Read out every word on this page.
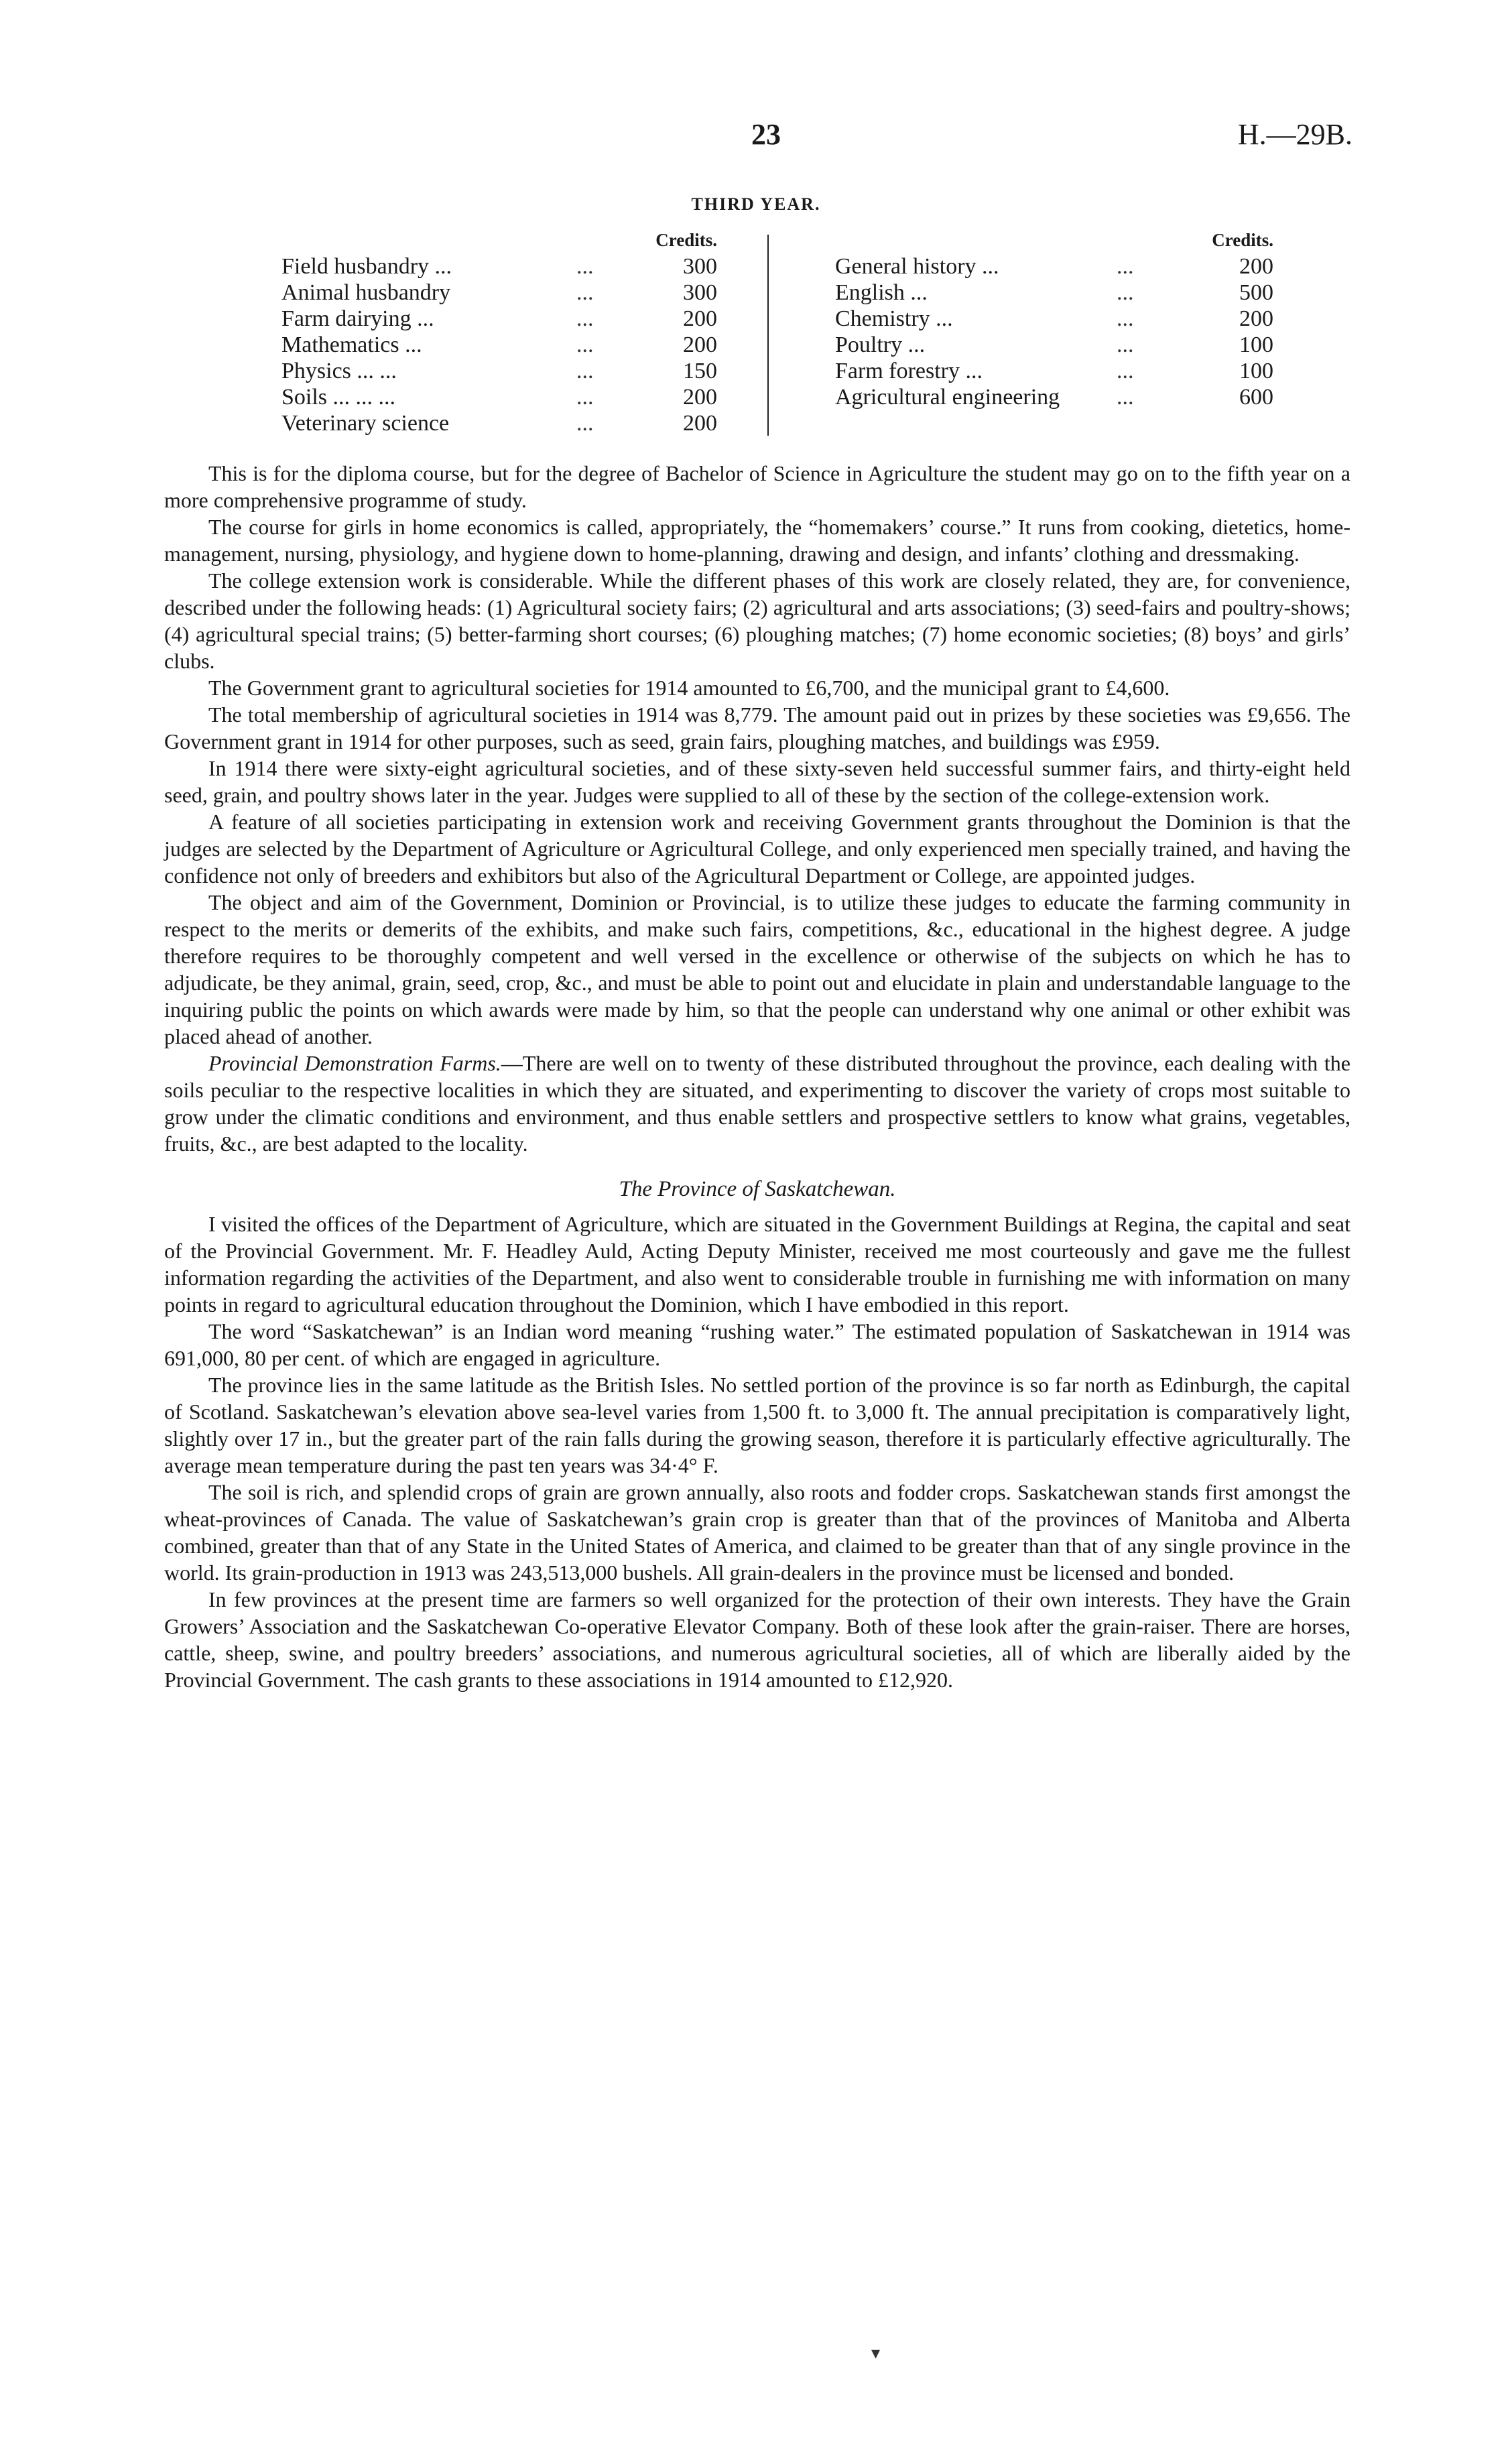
23	H.—29B.
THIRD YEAR.
Credits.
Field husbandry ...	...	300
Animal husbandry	...	300
Farm dairying ...	...	200
Mathematics ...	...	200
Physics ... ...	...	150
Soils ... ... ...	...	200
Veterinary science	...	200
Credits.
General history ...	...	200
English ...	...	500
Chemistry ...	...	200
Poultry ...	...	100
Farm forestry ...	...	100
Agricultural engineering ...	600

This is for the diploma course, but for the degree of Bachelor of Science in Agriculture the student may go on to the fifth year on a more comprehensive programme of study.

The course for girls in home economics is called, appropriately, the “homemakers’ course.” It runs from cooking, dietetics, home-management, nursing, physiology, and hygiene down to home-planning, drawing and design, and infants’ clothing and dressmaking.

The college extension work is considerable. While the different phases of this work are closely related, they are, for convenience, described under the following heads: (1) Agricultural society fairs; (2) agricultural and arts associations; (3) seed-fairs and poultry-shows; (4) agricultural special trains; (5) better-farming short courses; (6) ploughing matches; (7) home economic societies; (8) boys’ and girls’ clubs.

The Government grant to agricultural societies for 1914 amounted to £6,700, and the municipal grant to £4,600.

The total membership of agricultural societies in 1914 was 8,779. The amount paid out in prizes by these societies was £9,656. The Government grant in 1914 for other purposes, such as seed, grain fairs, ploughing matches, and buildings was £959.

In 1914 there were sixty-eight agricultural societies, and of these sixty-seven held successful summer fairs, and thirty-eight held seed, grain, and poultry shows later in the year. Judges were supplied to all of these by the section of the college-extension work.

A feature of all societies participating in extension work and receiving Government grants throughout the Dominion is that the judges are selected by the Department of Agriculture or Agricultural College, and only experienced men specially trained, and having the confidence not only of breeders and exhibitors but also of the Agricultural Department or College, are appointed judges.

The object and aim of the Government, Dominion or Provincial, is to utilize these judges to educate the farming community in respect to the merits or demerits of the exhibits, and make such fairs, competitions, &c., educational in the highest degree. A judge therefore requires to be thoroughly competent and well versed in the excellence or otherwise of the subjects on which he has to adjudicate, be they animal, grain, seed, crop, &c., and must be able to point out and elucidate in plain and understandable language to the inquiring public the points on which awards were made by him, so that the people can understand why one animal or other exhibit was placed ahead of another.

Provincial Demonstration Farms.—There are well on to twenty of these distributed throughout the province, each dealing with the soils peculiar to the respective localities in which they are situated, and experimenting to discover the variety of crops most suitable to grow under the climatic conditions and environment, and thus enable settlers and prospective settlers to know what grains, vegetables, fruits, &c., are best adapted to the locality.

The Province of Saskatchewan.

I visited the offices of the Department of Agriculture, which are situated in the Government Buildings at Regina, the capital and seat of the Provincial Government. Mr. F. Headley Auld, Acting Deputy Minister, received me most courteously and gave me the fullest information regarding the activities of the Department, and also went to considerable trouble in furnishing me with information on many points in regard to agricultural education throughout the Dominion, which I have embodied in this report.

The word “Saskatchewan” is an Indian word meaning “rushing water.” The estimated population of Saskatchewan in 1914 was 691,000, 80 per cent. of which are engaged in agriculture.

The province lies in the same latitude as the British Isles. No settled portion of the province is so far north as Edinburgh, the capital of Scotland. Saskatchewan’s elevation above sea-level varies from 1,500 ft. to 3,000 ft. The annual precipitation is comparatively light, slightly over 17 in., but the greater part of the rain falls during the growing season, therefore it is particularly effective agriculturally. The average mean temperature during the past ten years was 34·4° F.

The soil is rich, and splendid crops of grain are grown annually, also roots and fodder crops. Saskatchewan stands first amongst the wheat-provinces of Canada. The value of Saskatchewan’s grain crop is greater than that of the provinces of Manitoba and Alberta combined, greater than that of any State in the United States of America, and claimed to be greater than that of any single province in the world. Its grain-production in 1913 was 243,513,000 bushels. All grain-dealers in the province must be licensed and bonded.

In few provinces at the present time are farmers so well organized for the protection of their own interests. They have the Grain Growers’ Association and the Saskatchewan Co-operative Elevator Company. Both of these look after the grain-raiser. There are horses, cattle, sheep, swine, and poultry breeders’ associations, and numerous agricultural societies, all of which are liberally aided by the Provincial Government. The cash grants to these associations in 1914 amounted to £12,920.

▾
